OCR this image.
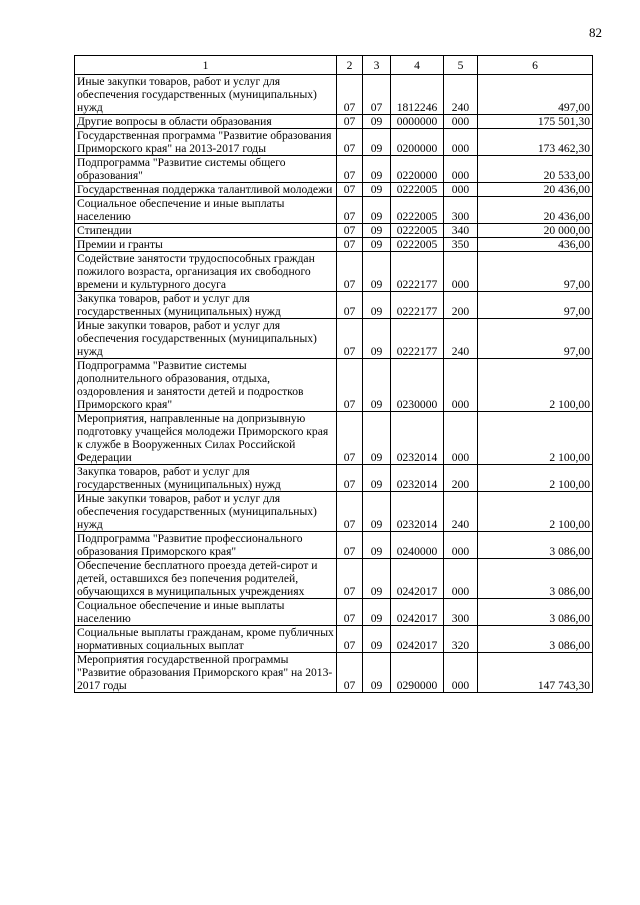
82
1	2	3	4	5	6
Иные закупки товаров, работ и услуг для обеспечения государственных (муниципальных) нужд	07	07	1812246	240	497,00
Другие вопросы в области образования	07	09	0000000	000	175 501,30
Государственная программа "Развитие образования Приморского края" на 2013-2017 годы	07	09	0200000	000	173 462,30
Подпрограмма "Развитие системы общего образования"	07	09	0220000	000	20 533,00
Государственная поддержка талантливой молодежи	07	09	0222005	000	20 436,00
Социальное обеспечение и иные выплаты населению	07	09	0222005	300	20 436,00
Стипендии	07	09	0222005	340	20 000,00
Премии и гранты	07	09	0222005	350	436,00
Содействие занятости трудоспособных граждан пожилого возраста, организация их свободного времени и культурного досуга	07	09	0222177	000	97,00
Закупка товаров, работ и услуг для государственных (муниципальных) нужд	07	09	0222177	200	97,00
Иные закупки товаров, работ и услуг для обеспечения государственных (муниципальных) нужд	07	09	0222177	240	97,00
Подпрограмма "Развитие системы дополнительного образования, отдыха, оздоровления и занятости детей и подростков Приморского края"	07	09	0230000	000	2 100,00
Мероприятия, направленные на допризывную подготовку учащейся молодежи Приморского края к службе в Вооруженных Силах Российской Федерации	07	09	0232014	000	2 100,00
Закупка товаров, работ и услуг для государственных (муниципальных) нужд	07	09	0232014	200	2 100,00
Иные закупки товаров, работ и услуг для обеспечения государственных (муниципальных) нужд	07	09	0232014	240	2 100,00
Подпрограмма "Развитие профессионального образования Приморского края"	07	09	0240000	000	3 086,00
Обеспечение бесплатного проезда детей-сирот и детей, оставшихся без попечения родителей, обучающихся в муниципальных учреждениях	07	09	0242017	000	3 086,00
Социальное обеспечение и иные выплаты населению	07	09	0242017	300	3 086,00
Социальные выплаты гражданам, кроме публичных нормативных социальных выплат	07	09	0242017	320	3 086,00
Мероприятия государственной программы "Развитие образования Приморского края" на 2013-2017 годы	07	09	0290000	000	147 743,30
